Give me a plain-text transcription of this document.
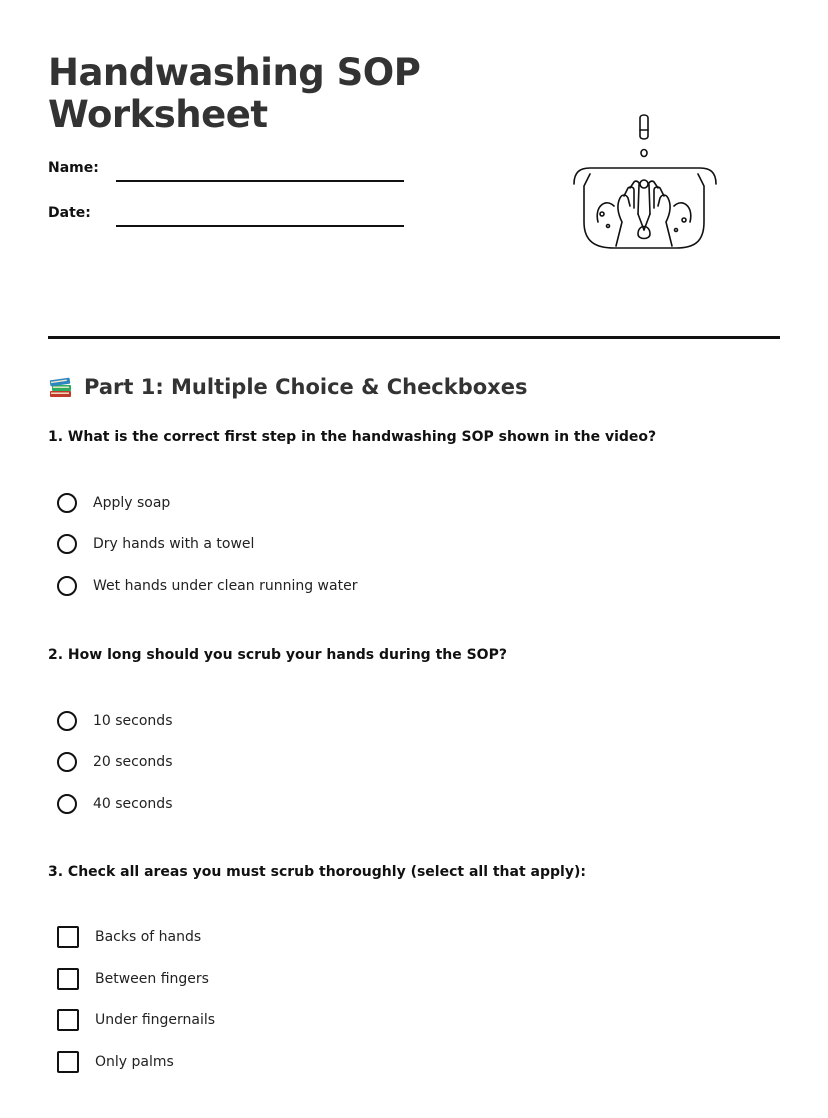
Handwashing SOP
Worksheet
Name:
Date:
Part 1: Multiple Choice & Checkboxes

1. What is the correct first step in the handwashing SOP shown in the video?

Apply soap
Dry hands with a towel
Wet hands under clean running water

2. How long should you scrub your hands during the SOP?

10 seconds
20 seconds
40 seconds

3. Check all areas you must scrub thoroughly (select all that apply):

Backs of hands
Between fingers
Under fingernails
Only palms
